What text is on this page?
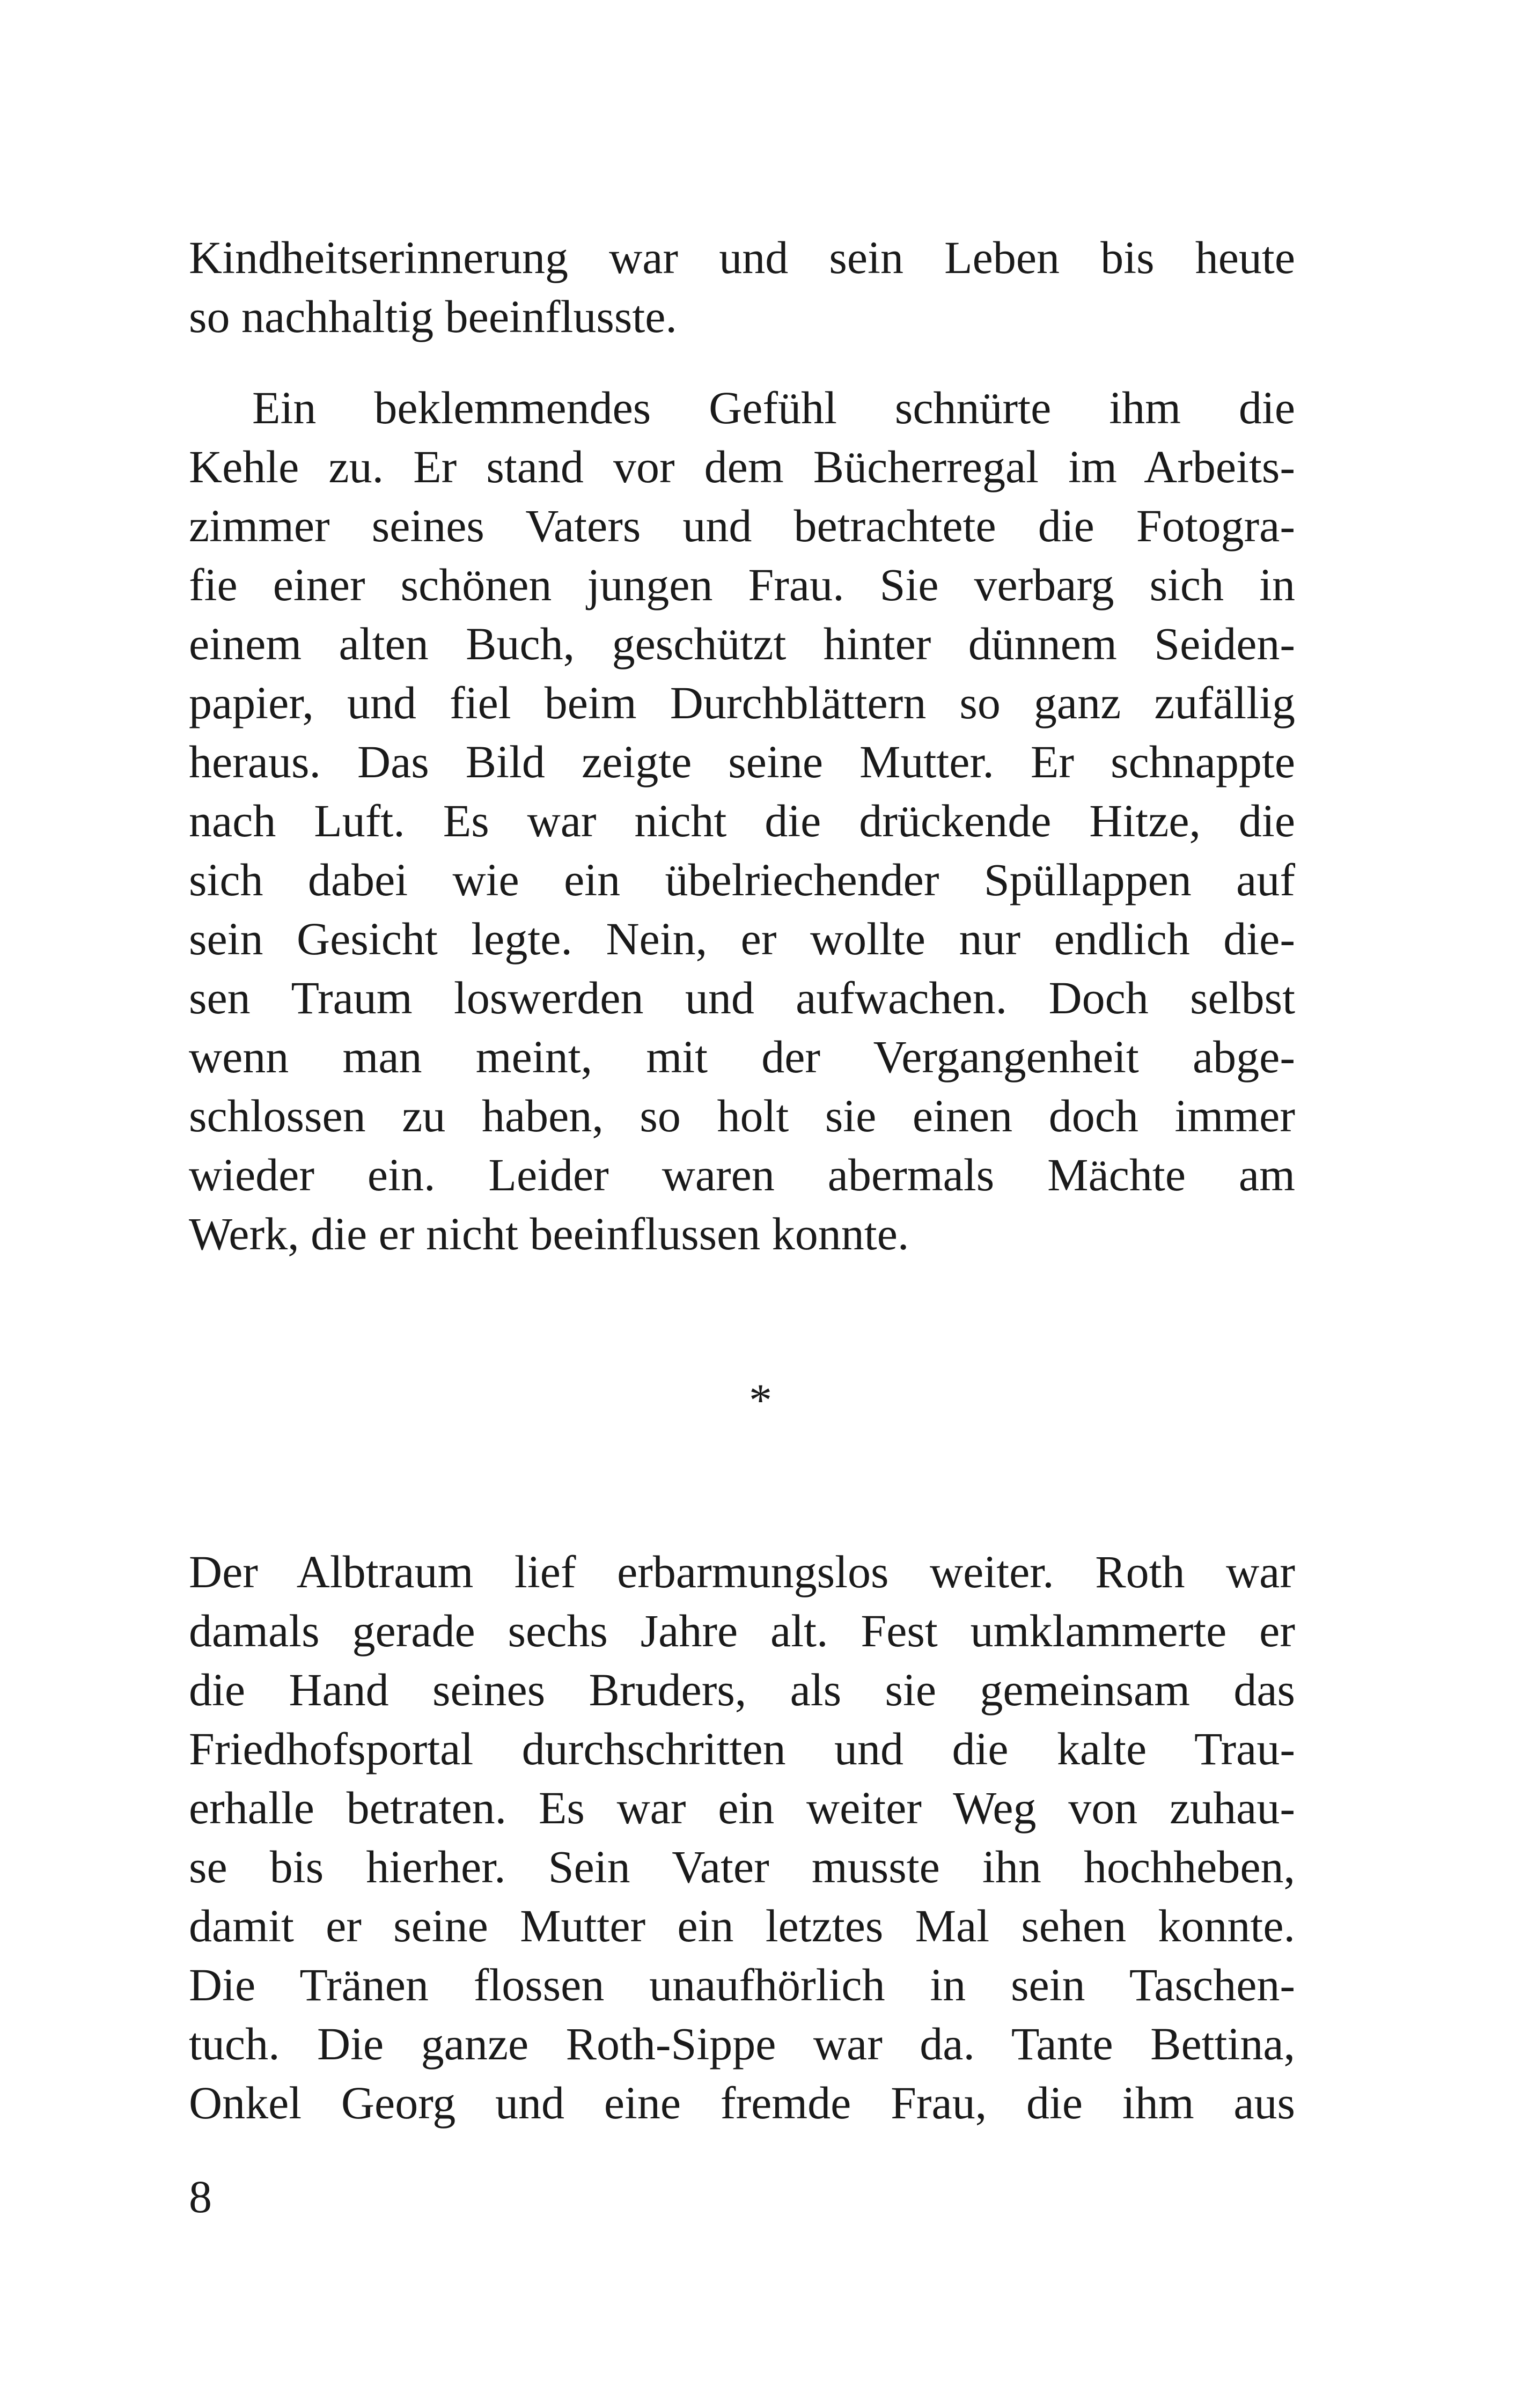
Kindheitserinnerung war und sein Leben bis heute
so nachhaltig beeinflusste.
Ein beklemmendes Gefühl schnürte ihm die
Kehle zu. Er stand vor dem Bücherregal im Arbeits-
zimmer seines Vaters und betrachtete die Fotogra-
fie einer schönen jungen Frau. Sie verbarg sich in
einem alten Buch, geschützt hinter dünnem Seiden-
papier, und fiel beim Durchblättern so ganz zufällig
heraus. Das Bild zeigte seine Mutter. Er schnappte
nach Luft. Es war nicht die drückende Hitze, die
sich dabei wie ein übelriechender Spüllappen auf
sein Gesicht legte. Nein, er wollte nur endlich die-
sen Traum loswerden und aufwachen. Doch selbst
wenn man meint, mit der Vergangenheit abge-
schlossen zu haben, so holt sie einen doch immer
wieder ein. Leider waren abermals Mächte am
Werk, die er nicht beeinflussen konnte.
*
Der Albtraum lief erbarmungslos weiter. Roth war
damals gerade sechs Jahre alt. Fest umklammerte er
die Hand seines Bruders, als sie gemeinsam das
Friedhofsportal durchschritten und die kalte Trau-
erhalle betraten. Es war ein weiter Weg von zuhau-
se bis hierher. Sein Vater musste ihn hochheben,
damit er seine Mutter ein letztes Mal sehen konnte.
Die Tränen flossen unaufhörlich in sein Taschen-
tuch. Die ganze Roth-Sippe war da. Tante Bettina,
Onkel Georg und eine fremde Frau, die ihm aus
8
